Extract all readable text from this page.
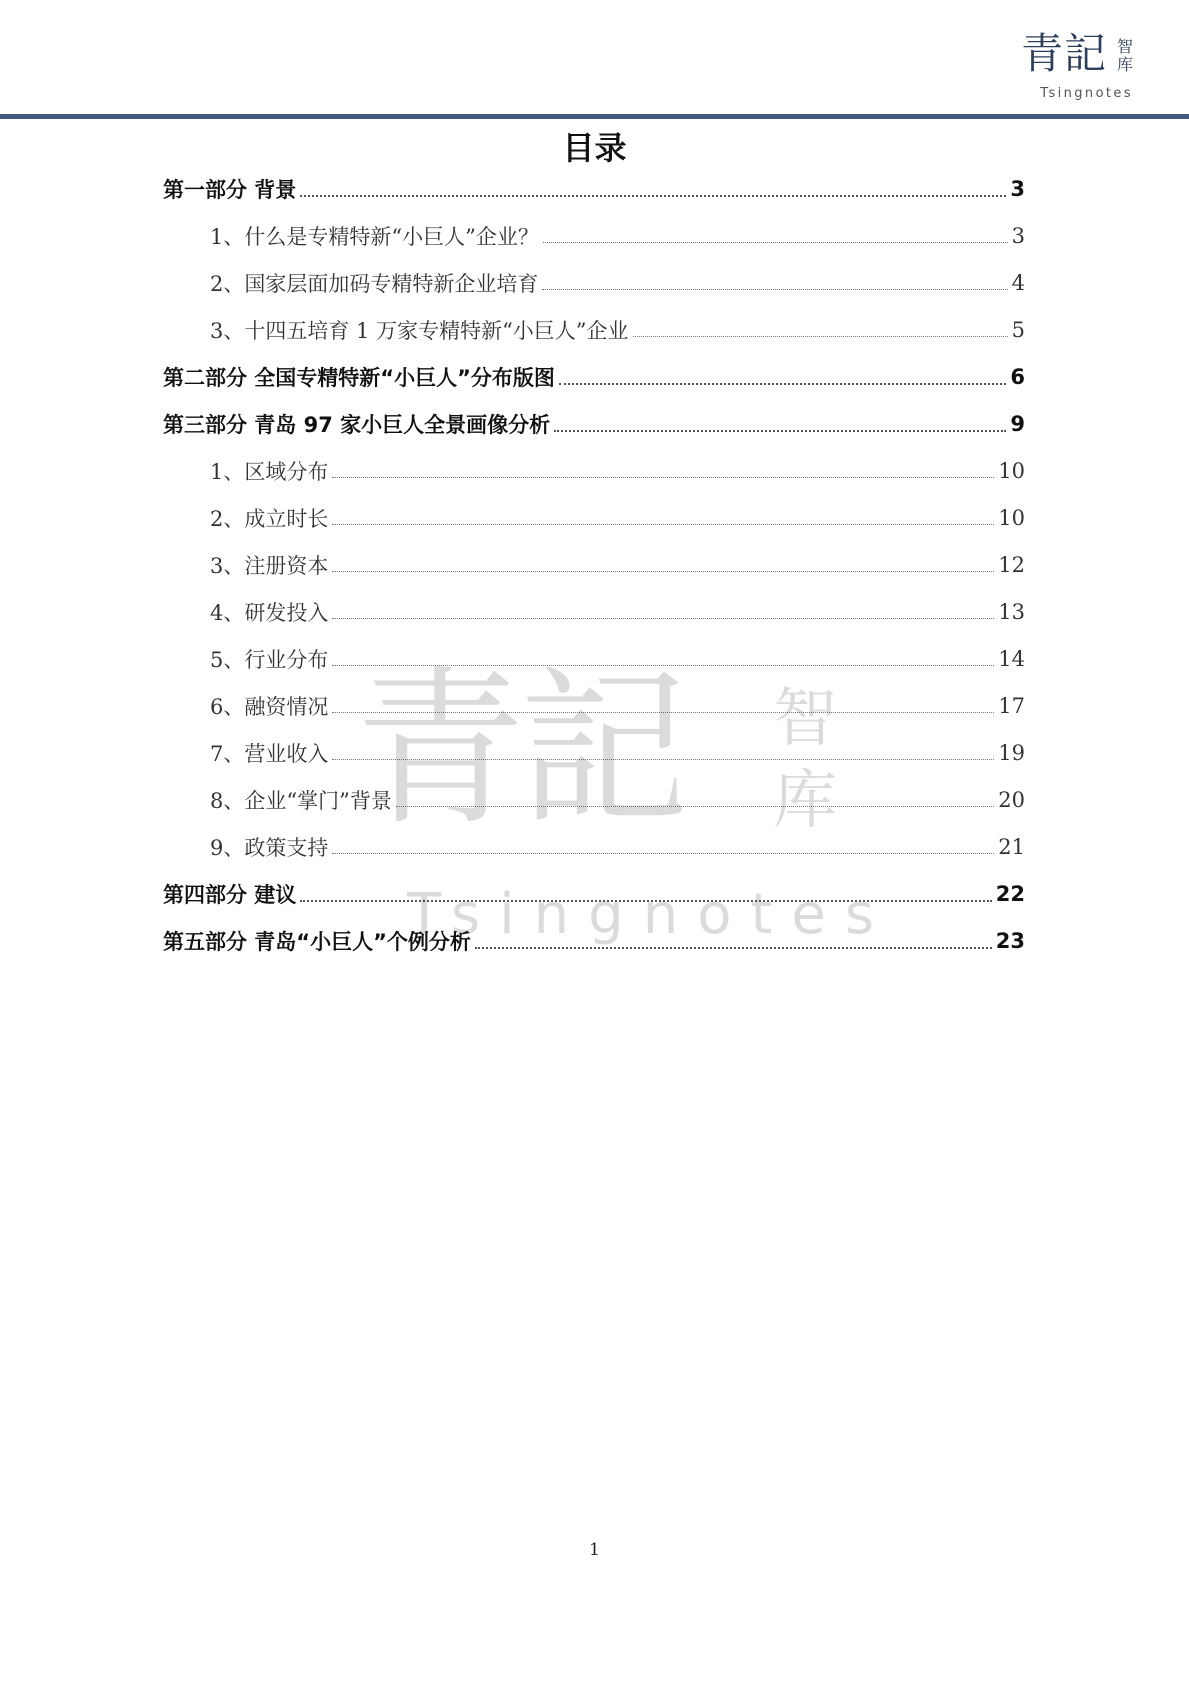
青記 智库
Tsingnotes
目录
第一部分 背景	3
1、什么是专精特新“小巨人”企业？	3
2、国家层面加码专精特新企业培育	4
3、十四五培育 1 万家专精特新“小巨人”企业	5
第二部分 全国专精特新“小巨人”分布版图	6
第三部分 青岛 97 家小巨人全景画像分析	9
1、区域分布	10
2、成立时长	10
3、注册资本	12
4、研发投入	13
5、行业分布	14
6、融资情况	17
7、营业收入	19
8、企业“掌门”背景	20
9、政策支持	21
第四部分 建议	22
第五部分 青岛“小巨人”个例分析	23
青記 智库
Tsingnotes
1
